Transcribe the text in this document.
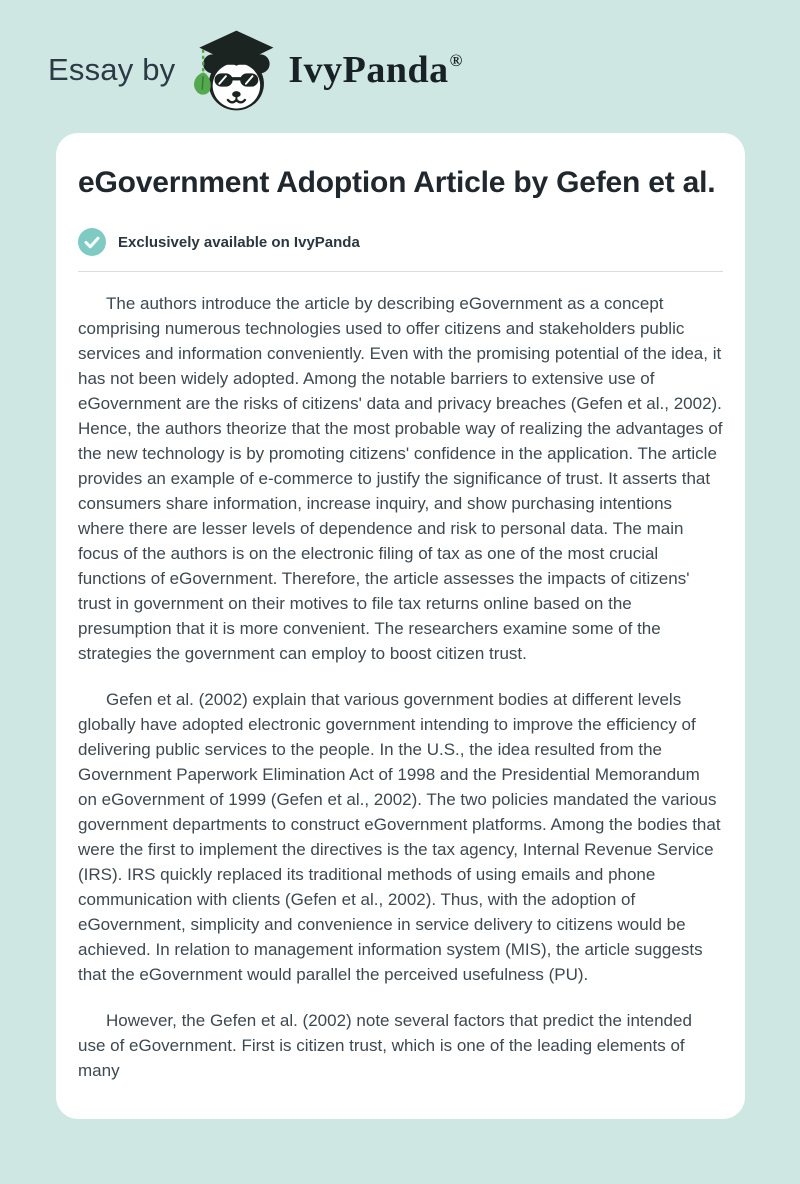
Essay by	IvyPanda®
eGovernment Adoption Article by Gefen et al.
Exclusively available on IvyPanda

The authors introduce the article by describing eGovernment as a concept comprising numerous technologies used to offer citizens and stakeholders public services and information conveniently. Even with the promising potential of the idea, it has not been widely adopted. Among the notable barriers to extensive use of eGovernment are the risks of citizens' data and privacy breaches (Gefen et al., 2002). Hence, the authors theorize that the most probable way of realizing the advantages of the new technology is by promoting citizens' confidence in the application. The article provides an example of e-commerce to justify the significance of trust. It asserts that consumers share information, increase inquiry, and show purchasing intentions where there are lesser levels of dependence and risk to personal data. The main focus of the authors is on the electronic filing of tax as one of the most crucial functions of eGovernment. Therefore, the article assesses the impacts of citizens' trust in government on their motives to file tax returns online based on the presumption that it is more convenient. The researchers examine some of the strategies the government can employ to boost citizen trust.

Gefen et al. (2002) explain that various government bodies at different levels globally have adopted electronic government intending to improve the efficiency of delivering public services to the people. In the U.S., the idea resulted from the Government Paperwork Elimination Act of 1998 and the Presidential Memorandum on eGovernment of 1999 (Gefen et al., 2002). The two policies mandated the various government departments to construct eGovernment platforms. Among the bodies that were the first to implement the directives is the tax agency, Internal Revenue Service (IRS). IRS quickly replaced its traditional methods of using emails and phone communication with clients (Gefen et al., 2002). Thus, with the adoption of eGovernment, simplicity and convenience in service delivery to citizens would be achieved. In relation to management information system (MIS), the article suggests that the eGovernment would parallel the perceived usefulness (PU).

However, the Gefen et al. (2002) note several factors that predict the intended use of eGovernment. First is citizen trust, which is one of the leading elements of many
